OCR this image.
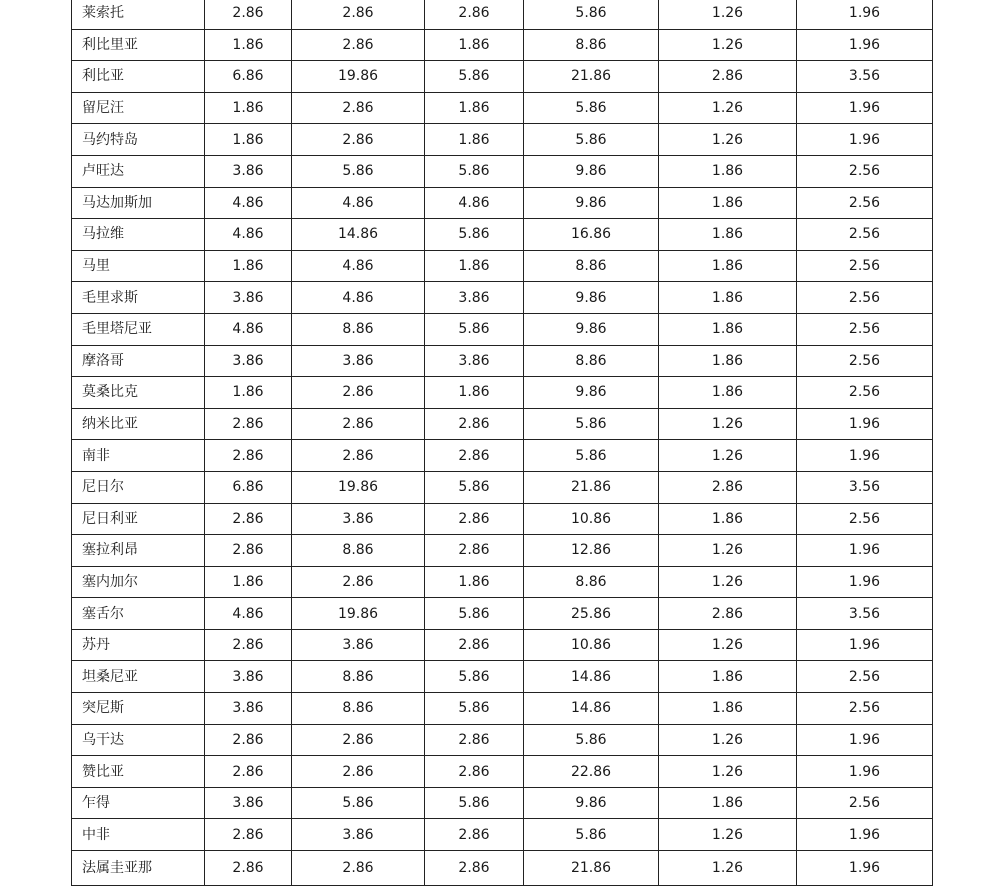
莱索托	2.86	2.86	2.86	5.86	1.26	1.96
利比里亚	1.86	2.86	1.86	8.86	1.26	1.96
利比亚	6.86	19.86	5.86	21.86	2.86	3.56
留尼汪	1.86	2.86	1.86	5.86	1.26	1.96
马约特岛	1.86	2.86	1.86	5.86	1.26	1.96
卢旺达	3.86	5.86	5.86	9.86	1.86	2.56
马达加斯加	4.86	4.86	4.86	9.86	1.86	2.56
马拉维	4.86	14.86	5.86	16.86	1.86	2.56
马里	1.86	4.86	1.86	8.86	1.86	2.56
毛里求斯	3.86	4.86	3.86	9.86	1.86	2.56
毛里塔尼亚	4.86	8.86	5.86	9.86	1.86	2.56
摩洛哥	3.86	3.86	3.86	8.86	1.86	2.56
莫桑比克	1.86	2.86	1.86	9.86	1.86	2.56
纳米比亚	2.86	2.86	2.86	5.86	1.26	1.96
南非	2.86	2.86	2.86	5.86	1.26	1.96
尼日尔	6.86	19.86	5.86	21.86	2.86	3.56
尼日利亚	2.86	3.86	2.86	10.86	1.86	2.56
塞拉利昂	2.86	8.86	2.86	12.86	1.26	1.96
塞内加尔	1.86	2.86	1.86	8.86	1.26	1.96
塞舌尔	4.86	19.86	5.86	25.86	2.86	3.56
苏丹	2.86	3.86	2.86	10.86	1.26	1.96
坦桑尼亚	3.86	8.86	5.86	14.86	1.86	2.56
突尼斯	3.86	8.86	5.86	14.86	1.86	2.56
乌干达	2.86	2.86	2.86	5.86	1.26	1.96
赞比亚	2.86	2.86	2.86	22.86	1.26	1.96
乍得	3.86	5.86	5.86	9.86	1.86	2.56
中非	2.86	3.86	2.86	5.86	1.26	1.96
法属圭亚那	2.86	2.86	2.86	21.86	1.26	1.96
